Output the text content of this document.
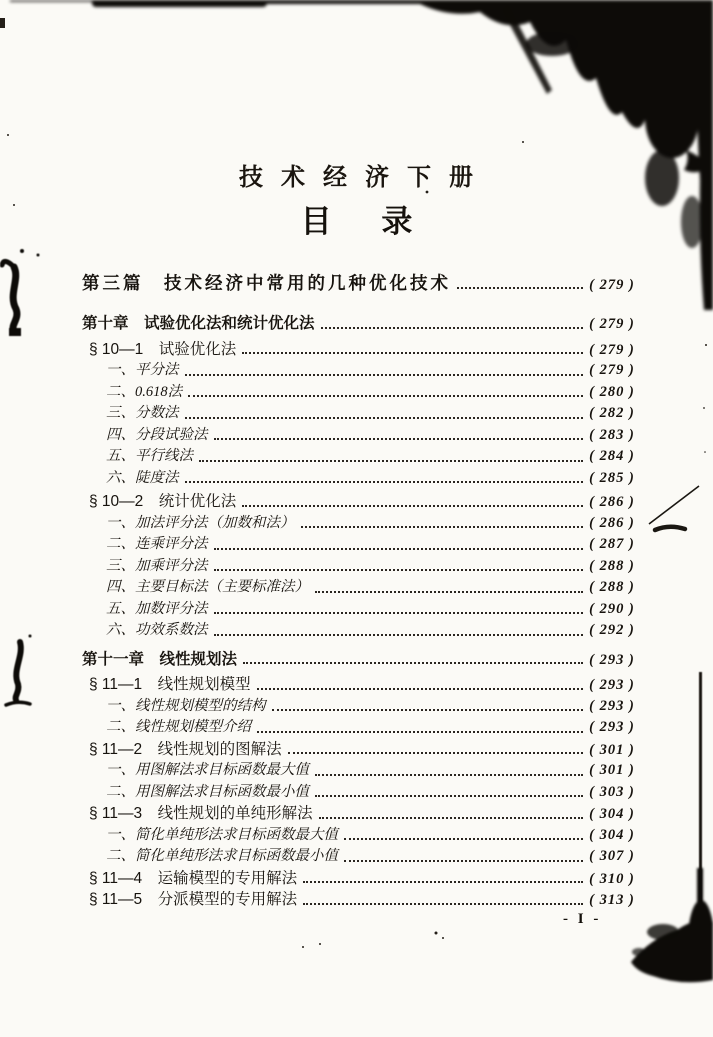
技 术 经 济 下 册
目 录
第三篇　技术经济中常用的几种优化技术	( 279 )
第十章　试验优化法和统计优化法	( 279 )
§ 10—1　试验优化法	( 279 )
一、平分法	( 279 )
二、0.618法	( 280 )
三、分数法	( 282 )
四、分段试验法	( 283 )
五、平行线法	( 284 )
六、陡度法	( 285 )
§ 10—2　统计优化法	( 286 )
一、加法评分法（加数和法）	( 286 )
二、连乘评分法	( 287 )
三、加乘评分法	( 288 )
四、主要目标法（主要标准法）	( 288 )
五、加数评分法	( 290 )
六、功效系数法	( 292 )
第十一章　线性规划法	( 293 )
§ 11—1　线性规划模型	( 293 )
一、线性规划模型的结构	( 293 )
二、线性规划模型介绍	( 293 )
§ 11—2　线性规划的图解法	( 301 )
一、用图解法求目标函数最大值	( 301 )
二、用图解法求目标函数最小值	( 303 )
§ 11—3　线性规划的单纯形解法	( 304 )
一、简化单纯形法求目标函数最大值	( 304 )
二、简化单纯形法求目标函数最小值	( 307 )
§ 11—4　运输模型的专用解法	( 310 )
§ 11—5　分派模型的专用解法	( 313 )
- I -
